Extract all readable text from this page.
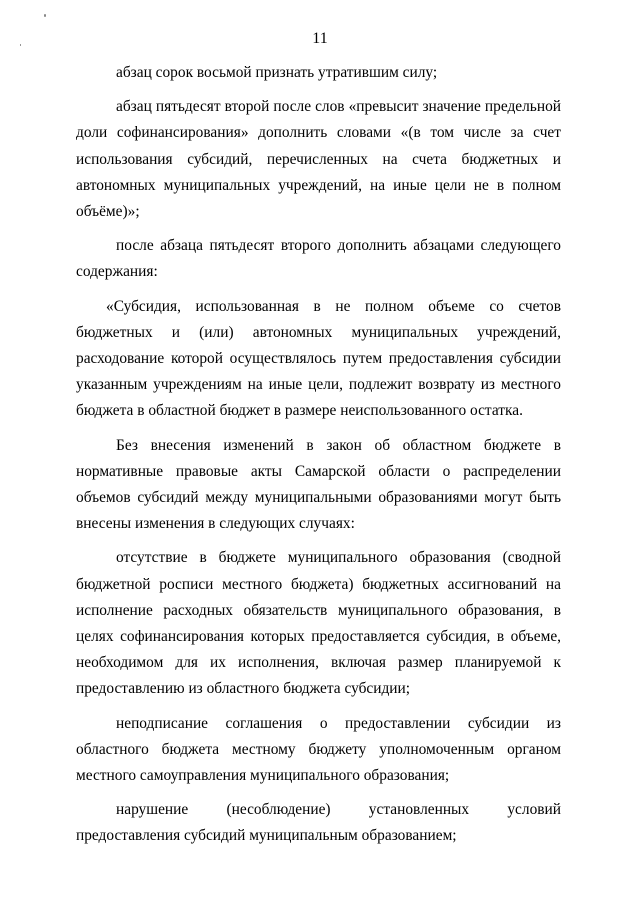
11

абзац сорок восьмой признать утратившим силу;

абзац пятьдесят второй после слов «превысит значение предельной доли софинансирования» дополнить словами «(в том числе за счет использования субсидий, перечисленных на счета бюджетных и автономных муниципальных учреждений, на иные цели не в полном объёме)»;

после абзаца пятьдесят второго дополнить абзацами следующего содержания:

«Субсидия, использованная в не полном объеме со счетов бюджетных и (или) автономных муниципальных учреждений, расходование которой осуществлялось путем предоставления субсидии указанным учреждениям на иные цели, подлежит возврату из местного бюджета в областной бюджет в размере неиспользованного остатка.

Без внесения изменений в закон об областном бюджете в нормативные правовые акты Самарской области о распределении объемов субсидий между муниципальными образованиями могут быть внесены изменения в следующих случаях:

отсутствие в бюджете муниципального образования (сводной бюджетной росписи местного бюджета) бюджетных ассигнований на исполнение расходных обязательств муниципального образования, в целях софинансирования которых предоставляется субсидия, в объеме, необходимом для их исполнения, включая размер планируемой к предоставлению из областного бюджета субсидии;

неподписание соглашения о предоставлении субсидии из областного бюджета местному бюджету уполномоченным органом местного самоуправления муниципального образования;

нарушение (несоблюдение) установленных условий предоставления субсидий муниципальным образованием;
